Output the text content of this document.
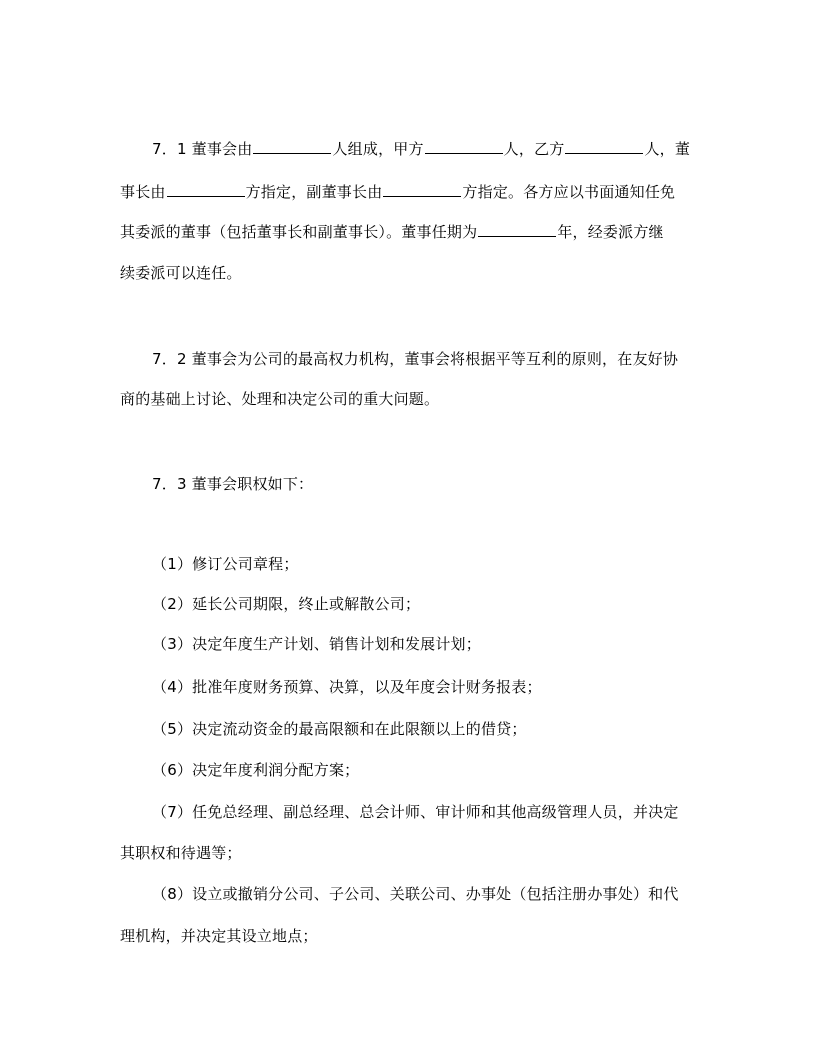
7．1 董事会由	人组成，甲方	人，乙方	人，董
事长由	方指定，副董事长由	方指定。各方应以书面通知任免
其委派的董事（包括董事长和副董事长）。董事任期为	年，经委派方继
续委派可以连任。
7．2 董事会为公司的最高权力机构，董事会将根据平等互利的原则，在友好协
商的基础上讨论、处理和决定公司的重大问题。
7．3 董事会职权如下：
（1）修订公司章程；
（2）延长公司期限，终止或解散公司；
（3）决定年度生产计划、销售计划和发展计划；
（4）批准年度财务预算、决算，以及年度会计财务报表；
（5）决定流动资金的最高限额和在此限额以上的借贷；
（6）决定年度利润分配方案；
（7）任免总经理、副总经理、总会计师、审计师和其他高级管理人员，并决定
其职权和待遇等；
（8）设立或撤销分公司、子公司、关联公司、办事处（包括注册办事处）和代
理机构，并决定其设立地点；
